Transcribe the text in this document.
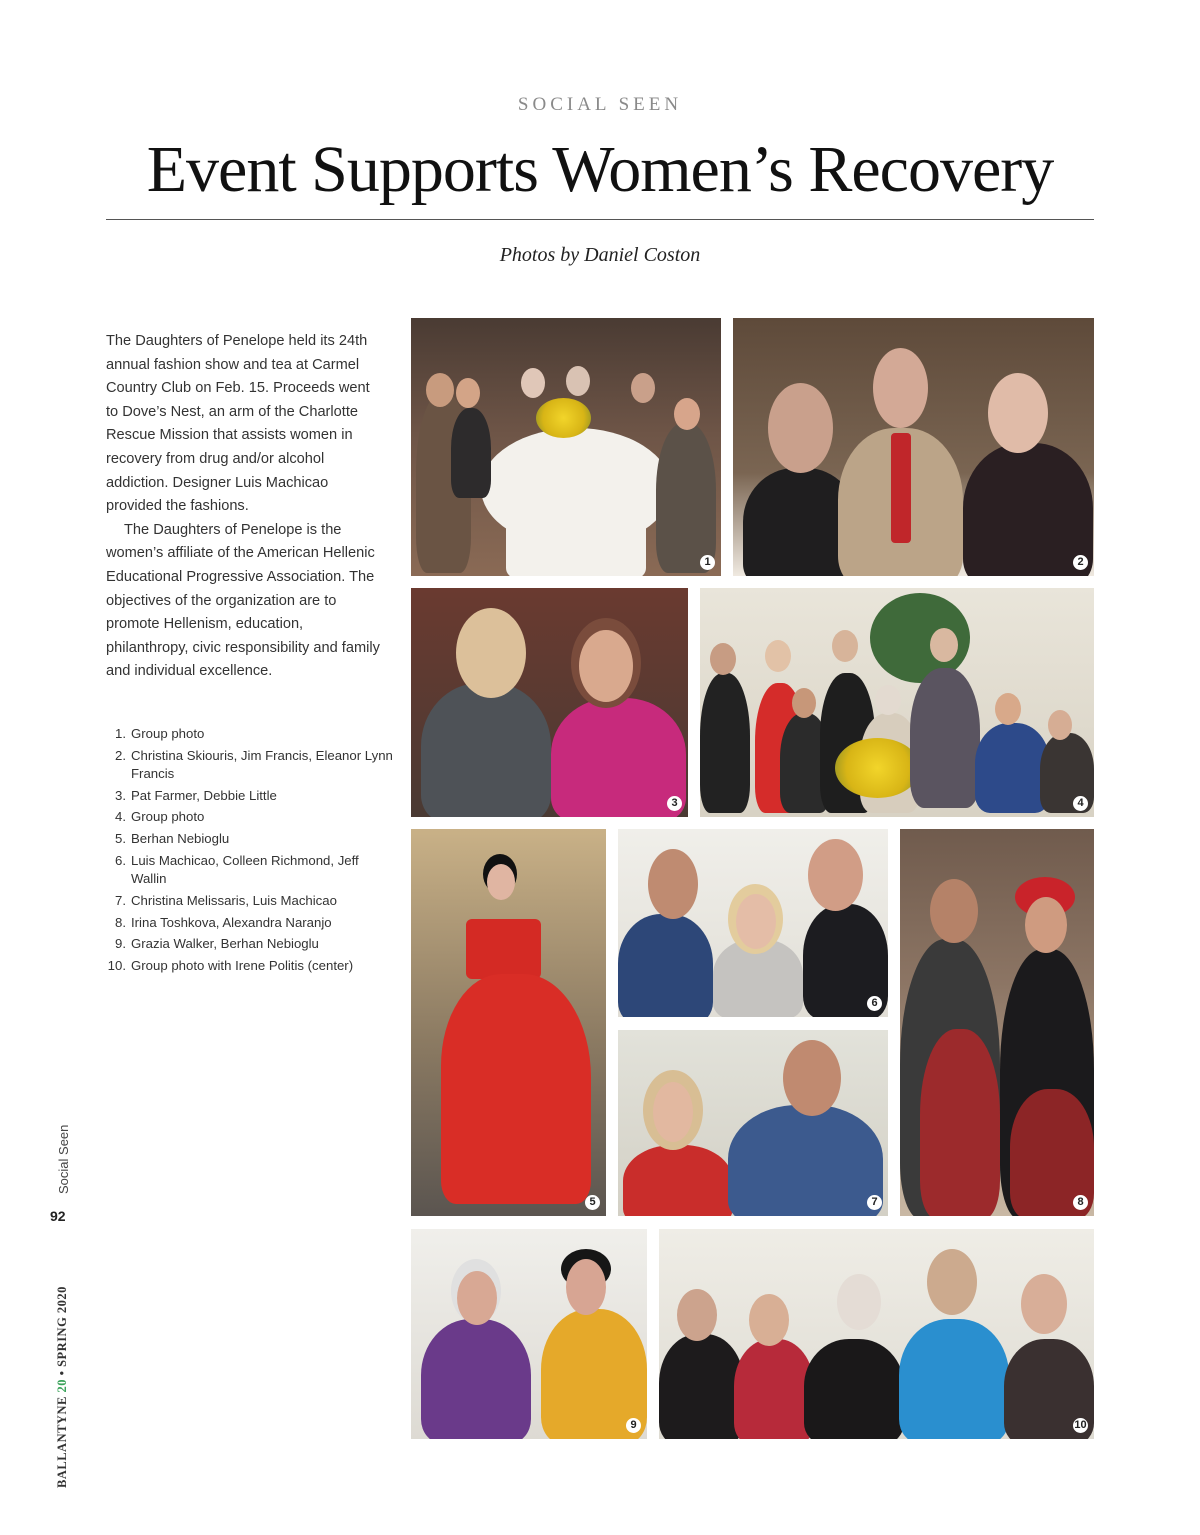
SOCIAL SEEN
Event Supports Women’s Recovery
Photos by Daniel Coston

The Daughters of Penelope held its 24th annual fashion show and tea at Carmel Country Club on Feb. 15. Proceeds went to Dove’s Nest, an arm of the Charlotte Rescue Mission that assists women in recovery from drug and/or alcohol addiction. Designer Luis Machicao provided the fashions.

The Daughters of Penelope is the women’s affiliate of the American Hellenic Educational Progressive Association. The objectives of the organization are to promote Hellenism, education, philanthropy, civic responsibility and family and individual excellence.

1. Group photo
2. Christina Skiouris, Jim Francis, Eleanor Lynn Francis
3. Pat Farmer, Debbie Little
4. Group photo
5. Berhan Nebioglu
6. Luis Machicao, Colleen Richmond, Jeff Wallin
7. Christina Melissaris, Luis Machicao
8. Irina Toshkova, Alexandra Naranjo
9. Grazia Walker, Berhan Nebioglu
10. Group photo with Irene Politis (center)
1	2
3	4
5
6
7	8
9	10
Social Seen
92
BALLANTYNE 20 • SPRING 2020
